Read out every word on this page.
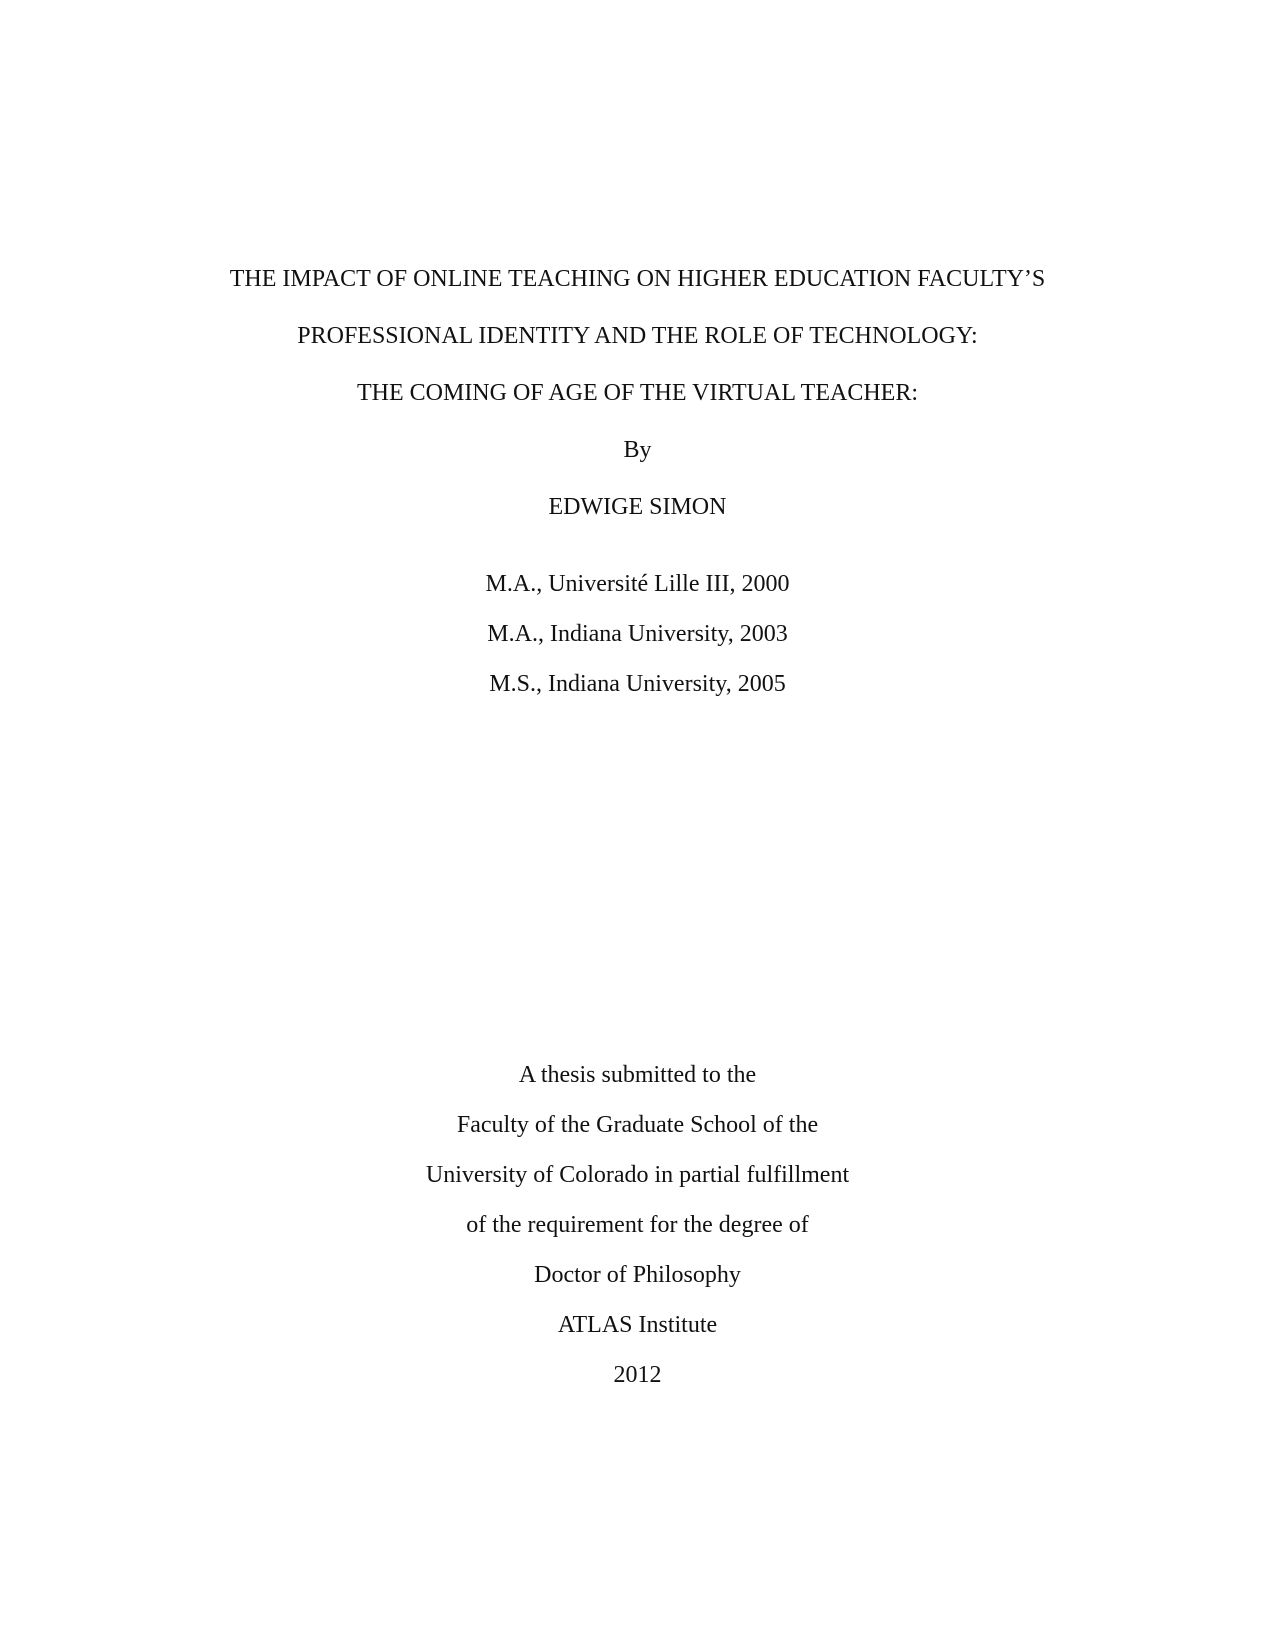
THE IMPACT OF ONLINE TEACHING ON HIGHER EDUCATION FACULTY’S
PROFESSIONAL IDENTITY AND THE ROLE OF TECHNOLOGY:
THE COMING OF AGE OF THE VIRTUAL TEACHER:
By
EDWIGE SIMON
M.A., Université Lille III, 2000
M.A., Indiana University, 2003
M.S., Indiana University, 2005
A thesis submitted to the
Faculty of the Graduate School of the
University of Colorado in partial fulfillment
of the requirement for the degree of
Doctor of Philosophy
ATLAS Institute
2012
